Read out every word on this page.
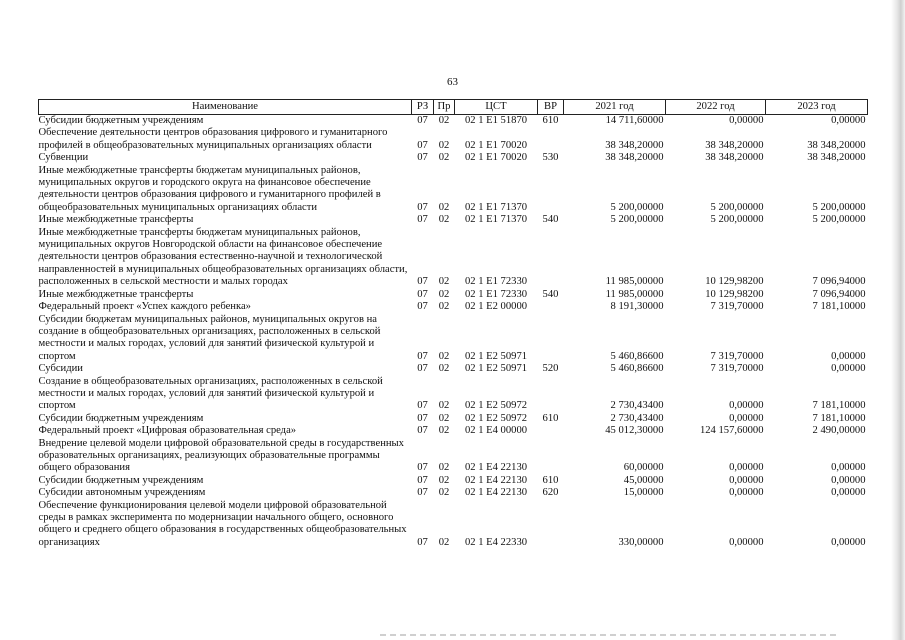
63
Наименование	РЗ	Пр	ЦСТ	ВР	2021 год	2022 год	2023 год
Субсидии бюджетным учреждениям	07	02	02 1 E1 51870	610	14 711,60000	0,00000	0,00000
Обеспечение деятельности центров образования цифрового и гуманитарного профилей в общеобразовательных муниципальных организациях области	07	02	02 1 E1 70020		38 348,20000	38 348,20000	38 348,20000
Субвенции	07	02	02 1 E1 70020	530	38 348,20000	38 348,20000	38 348,20000
Иные межбюджетные трансферты бюджетам муниципальных районов, муниципальных округов и городского округа на финансовое обеспечение деятельности центров образования цифрового и гуманитарного профилей в общеобразовательных муниципальных организациях области	07	02	02 1 E1 71370		5 200,00000	5 200,00000	5 200,00000
Иные межбюджетные трансферты	07	02	02 1 E1 71370	540	5 200,00000	5 200,00000	5 200,00000
Иные межбюджетные трансферты бюджетам муниципальных районов, муниципальных округов Новгородской области на финансовое обеспечение деятельности центров образования естественно-научной и технологической направленностей в муниципальных общеобразовательных организациях области, расположенных в сельской местности и малых городах	07	02	02 1 E1 72330		11 985,00000	10 129,98200	7 096,94000
Иные межбюджетные трансферты	07	02	02 1 E1 72330	540	11 985,00000	10 129,98200	7 096,94000
Федеральный проект «Успех каждого ребенка»	07	02	02 1 E2 00000		8 191,30000	7 319,70000	7 181,10000
Субсидии бюджетам муниципальных районов, муниципальных округов на создание в общеобразовательных организациях, расположенных в сельской местности и малых городах, условий для занятий физической культурой и спортом	07	02	02 1 E2 50971		5 460,86600	7 319,70000	0,00000
Субсидии	07	02	02 1 E2 50971	520	5 460,86600	7 319,70000	0,00000
Создание в общеобразовательных организациях, расположенных в сельской местности и малых городах, условий для занятий физической культурой и спортом	07	02	02 1 E2 50972		2 730,43400	0,00000	7 181,10000
Субсидии бюджетным учреждениям	07	02	02 1 E2 50972	610	2 730,43400	0,00000	7 181,10000
Федеральный проект «Цифровая образовательная среда»	07	02	02 1 E4 00000		45 012,30000	124 157,60000	2 490,00000
Внедрение целевой модели цифровой образовательной среды в государственных образовательных организациях, реализующих образовательные программы общего образования	07	02	02 1 E4 22130		60,00000	0,00000	0,00000
Субсидии бюджетным учреждениям	07	02	02 1 E4 22130	610	45,00000	0,00000	0,00000
Субсидии автономным учреждениям	07	02	02 1 E4 22130	620	15,00000	0,00000	0,00000
Обеспечение функционирования целевой модели цифровой образовательной среды в рамках эксперимента по модернизации начального общего, основного общего и среднего общего образования в государственных общеобразовательных организациях	07	02	02 1 E4 22330		330,00000	0,00000	0,00000
